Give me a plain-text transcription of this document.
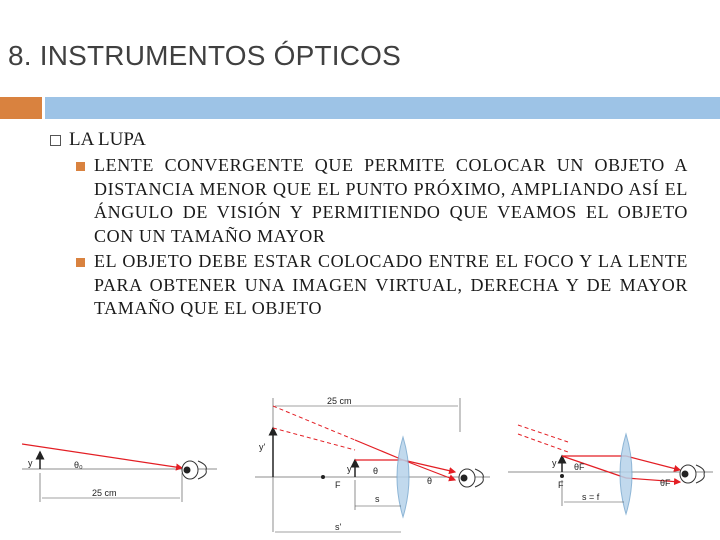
8. INSTRUMENTOS ÓPTICOS
LA LUPA

LENTE CONVERGENTE QUE PERMITE COLOCAR UN OBJETO A DISTANCIA MENOR QUE EL PUNTO PRÓXIMO, AMPLIANDO ASÍ EL ÁNGULO DE VISIÓN Y PERMITIENDO QUE VEAMOS EL OBJETO CON UN TAMAÑO MAYOR

EL OBJETO DEBE ESTAR COLOCADO ENTRE EL FOCO Y LA LENTE PARA OBTENER UNA IMAGEN VIRTUAL, DERECHA Y DE MAYOR TAMAÑO QUE EL OBJETO

y	θ₀
25 cm
25 cm
y'
F
y θ
θ
s
s'
y θF
F	θF
s = f
